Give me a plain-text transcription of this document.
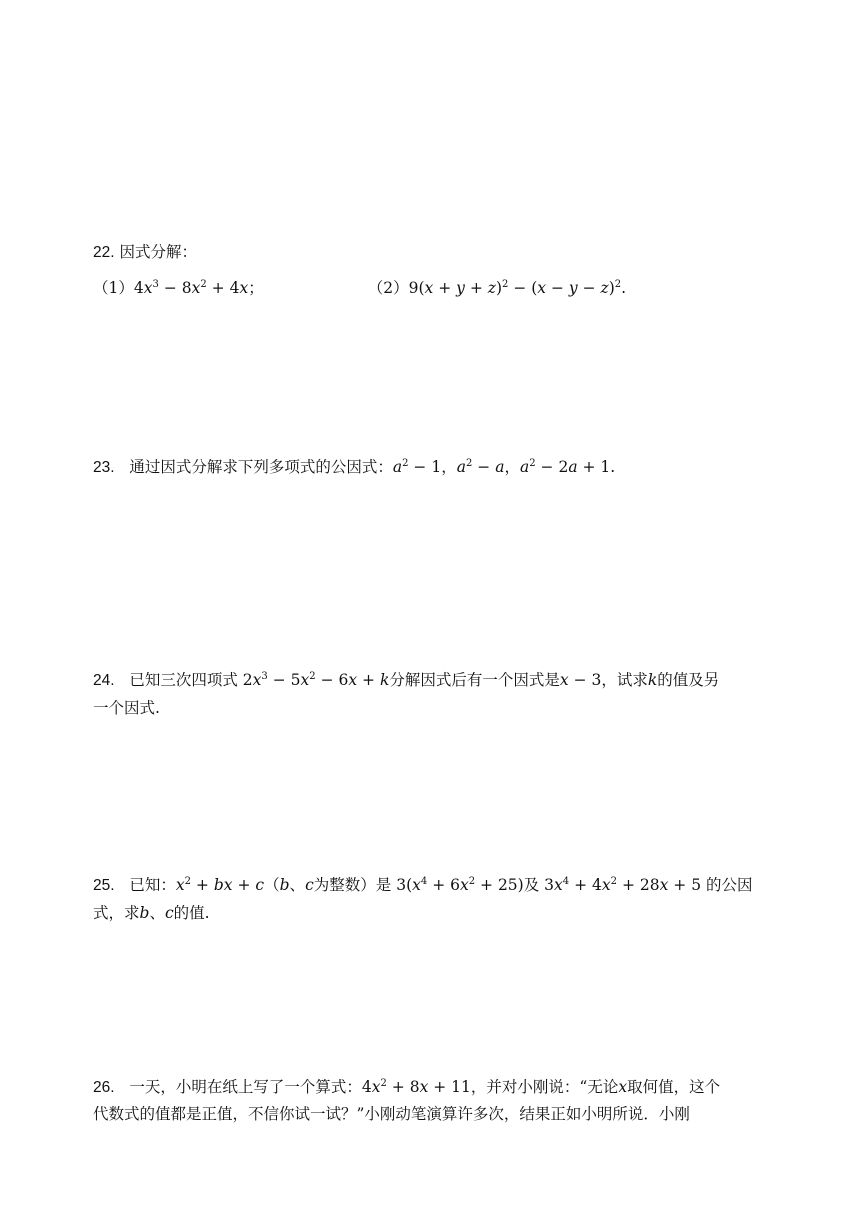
22. 因式分解：
$(1)4x^3 - 8x^2 + 4x$；	$(2)9(x + y + z)^2 - (x - y - z)^2$.
23. 通过因式分解求下列多项式的公因式：$a^2 - 1$，$a^2 - a$，$a^2 - 2a + 1$.
24. 已知三次四项式 $2x^3 - 5x^2 - 6x + k$分解因式后有一个因式是x − 3，试求k的值及另
一个因式.
25. 已知：$x^2$ + bx + c（b、c为整数）是 $3(x^4 + 6x^2 + 25)$及 $3x^4 + 4x^2 + 28x + 5$ 的公因
式，求b、c的值.
26. 一天，小明在纸上写了一个算式：$4x^2 + 8x + 11$，并对小刚说：“无论x取何值，这个
代数式的值都是正值，不信你试一试？”小刚动笔演算许多次，结果正如小明所说．小刚
